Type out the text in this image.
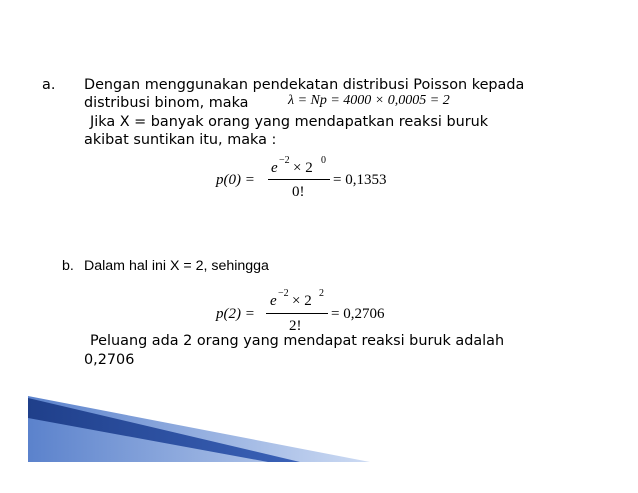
a. Dengan menggunakan pendekatan distribusi Poisson kepada
distribusi binom, maka	λ = Np = 4000 × 0,0005 = 2
Jika X = banyak orang yang mendapatkan reaksi buruk
akibat suntikan itu, maka :
p(0) =
e −2 × 2 0
0!
= 0,1353
b. Dalam hal ini X = 2, sehingga
p(2) =
e −2 × 2 2
2!
= 0,2706
Peluang ada 2 orang yang mendapat reaksi buruk adalah
0,2706
